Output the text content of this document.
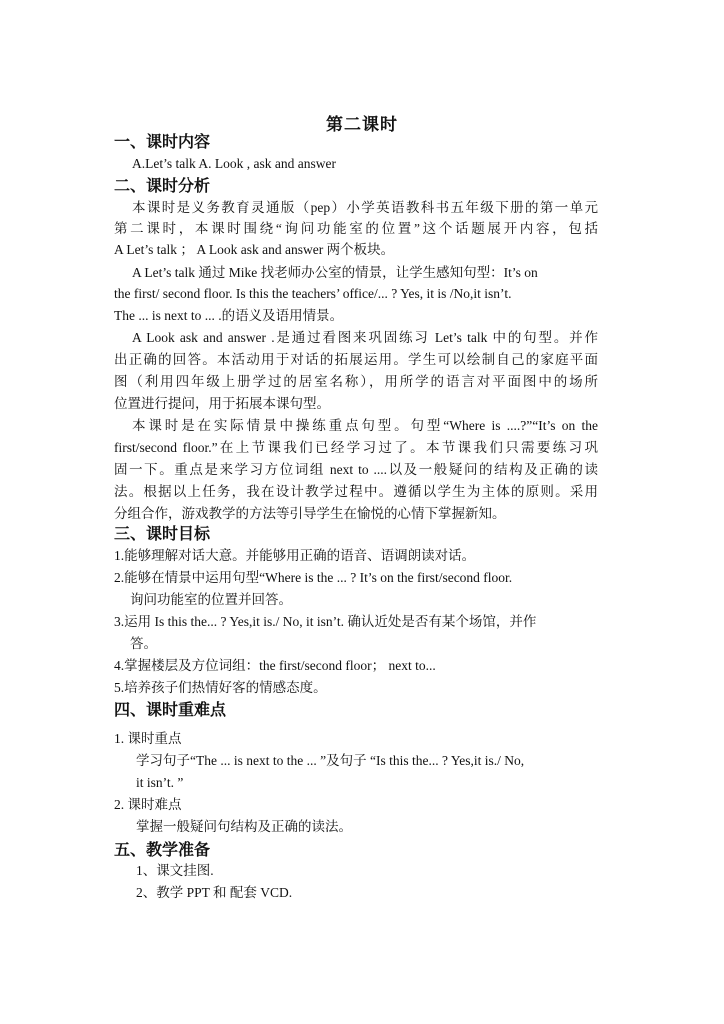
第二课时
一、课时内容
A.Let’s talk A. Look , ask and answer
二、课时分析
本课时是义务教育灵通版（pep）小学英语教科书五年级下册的第一单元
第二课时，本课时围绕“询问功能室的位置”这个话题展开内容，包括
A Let’s talk ； A Look ask and answer 两个板块。
A Let’s talk 通过 Mike 找老师办公室的情景，让学生感知句型：It’s on
the first/ second floor. Is this the teachers’ office/... ? Yes, it is /No,it isn’t.
The ... is next to ... .的语义及语用情景。
A Look ask and answer .是通过看图来巩固练习 Let’s talk 中的句型。并作
出正确的回答。本活动用于对话的拓展运用。学生可以绘制自己的家庭平面
图（利用四年级上册学过的居室名称），用所学的语言对平面图中的场所
位置进行提问，用于拓展本课句型。
本课时是在实际情景中操练重点句型。句型“Where is ....?”“It’s on the
first/second floor.”在上节课我们已经学习过了。本节课我们只需要练习巩
固一下。重点是来学习方位词组 next to ....以及一般疑问的结构及正确的读
法。根据以上任务，我在设计教学过程中。遵循以学生为主体的原则。采用
分组合作，游戏教学的方法等引导学生在愉悦的心情下掌握新知。
三、课时目标
1.能够理解对话大意。并能够用正确的语音、语调朗读对话。
2.能够在情景中运用句型“Where is the ... ? It’s on the first/second floor.
询问功能室的位置并回答。
3.运用 Is this the... ? Yes,it is./ No, it isn’t. 确认近处是否有某个场馆，并作
答。
4.掌握楼层及方位词组：the first/second floor； next to...
5.培养孩子们热情好客的情感态度。
四、课时重难点
1. 课时重点
学习句子“The ... is next to the ... ”及句子 “Is this the... ? Yes,it is./ No,
it isn’t. ”
2. 课时难点
掌握一般疑问句结构及正确的读法。
五、教学准备
1、课文挂图.
2、教学 PPT 和 配套 VCD.
